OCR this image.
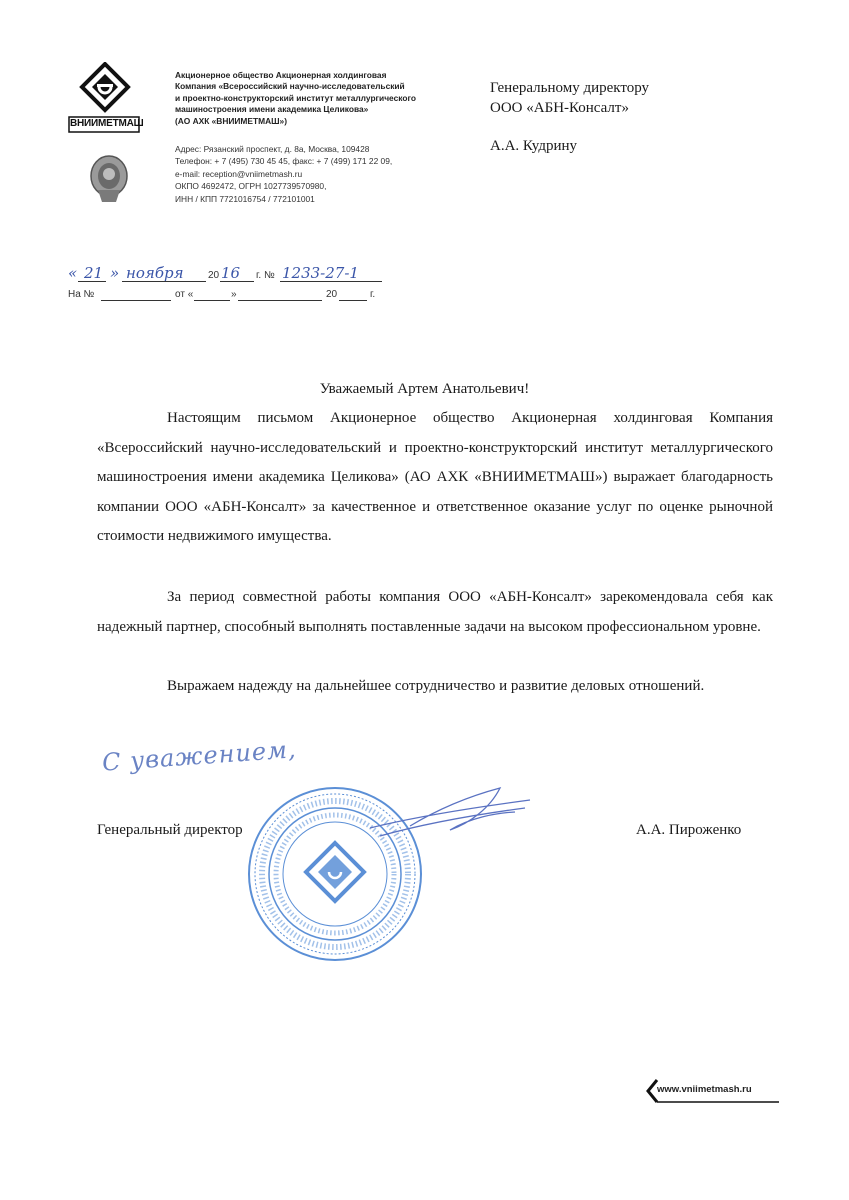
ВНИИМЕТМАШ
Акционерное общество Акционерная холдинговая
Компания «Всероссийский научно-исследовательский
и проектно-конструкторский институт металлургического
машиностроения имени академика Целикова»
(АО АХК «ВНИИМЕТМАШ»)
Адрес: Рязанский проспект, д. 8а, Москва, 109428
Телефон: + 7 (495) 730 45 45, факс: + 7 (499) 171 22 09,
e-mail: reception@vniimetmash.ru
ОКПО 4692472, ОГРН 1027739570980,
ИНН / КПП 7721016754 / 772101001
Генеральному директору
ООО «АБН-Консалт»
А.А. Кудрину
« 21 » ноября 20 16 г. № 1233-27-1
На №	от «	»	20	г.
Уважаемый Артем Анатольевич!
Настоящим письмом Акционерное общество Акционерная холдинговая Компания «Всероссийский научно-исследовательский и проектно-конструкторский институт металлургического машиностроения имени академика Целикова» (АО АХК «ВНИИМЕТМАШ») выражает благодарность компании ООО «АБН-Консалт» за качественное и ответственное оказание услуг по оценке рыночной стоимости недвижимого имущества.
За период совместной работы компания ООО «АБН-Консалт» зарекомендовала себя как надежный партнер, способный выполнять поставленные задачи на высоком профессиональном уровне.
Выражаем надежду на дальнейшее сотрудничество и развитие деловых отношений.
С уважением,
Генеральный директор	А.А. Пироженко
www.vniimetmash.ru
